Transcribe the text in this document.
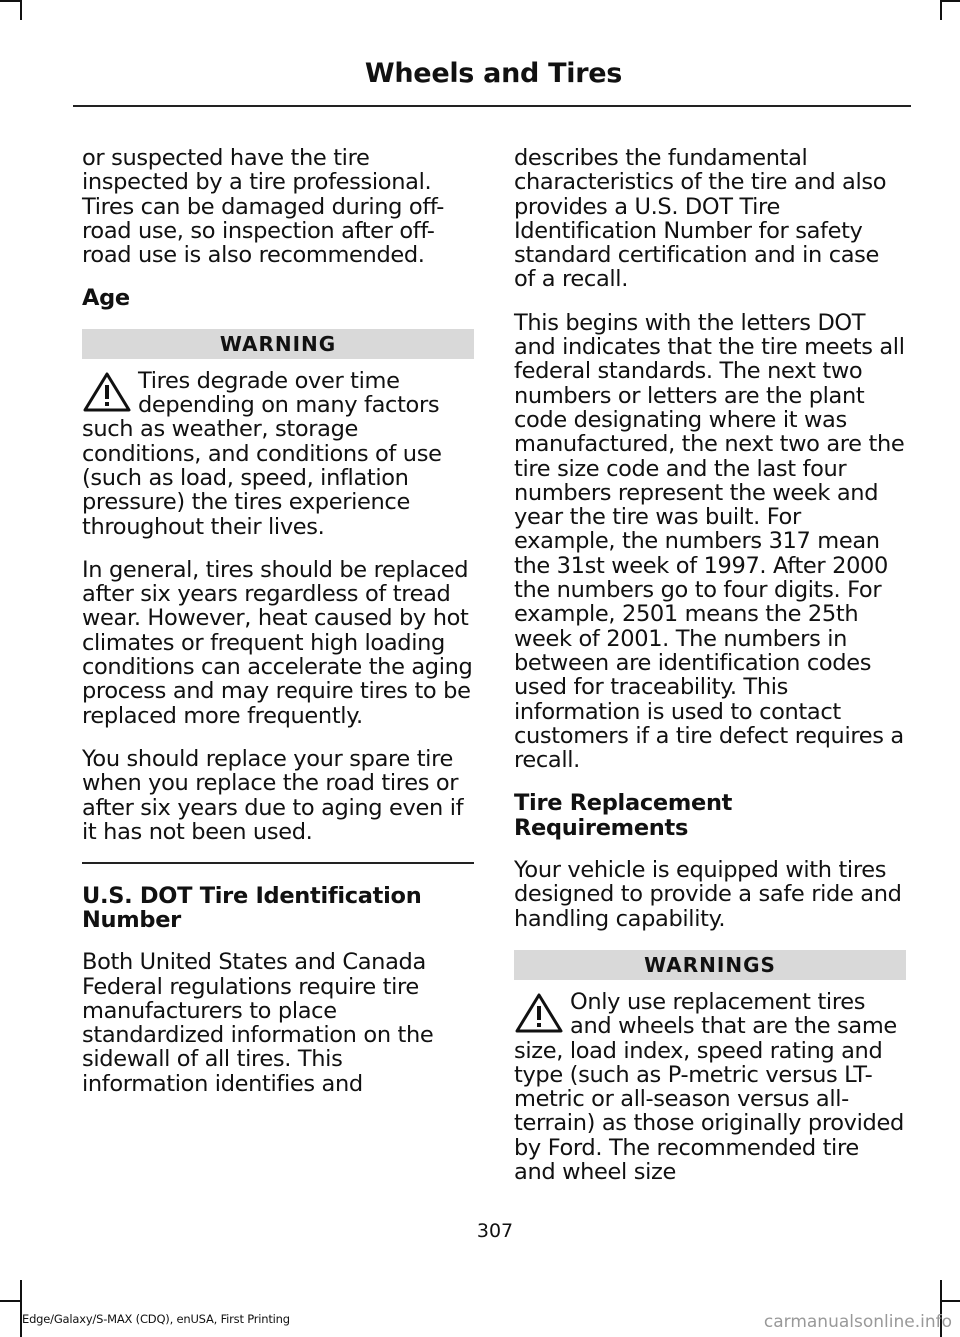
Wheels and Tires

or suspected have the tire inspected by a tire professional. Tires can be damaged during off-road use, so inspection after off-road use is also recommended.

Age
WARNING

Tires degrade over time depending on many factors such as weather, storage conditions, and conditions of use (such as load, speed, inflation pressure) the tires experience throughout their lives.

In general, tires should be replaced after six years regardless of tread wear. However, heat caused by hot climates or frequent high loading conditions can accelerate the aging process and may require tires to be replaced more frequently.

You should replace your spare tire when you replace the road tires or after six years due to aging even if it has not been used.

U.S. DOT Tire Identification Number

Both United States and Canada Federal regulations require tire manufacturers to place standardized information on the sidewall of all tires. This information identifies and

describes the fundamental characteristics of the tire and also provides a U.S. DOT Tire Identification Number for safety standard certification and in case of a recall.

This begins with the letters DOT and indicates that the tire meets all federal standards. The next two numbers or letters are the plant code designating where it was manufactured, the next two are the tire size code and the last four numbers represent the week and year the tire was built. For example, the numbers 317 mean the 31st week of 1997. After 2000 the numbers go to four digits. For example, 2501 means the 25th week of 2001. The numbers in between are identification codes used for traceability. This information is used to contact customers if a tire defect requires a recall.

Tire Replacement Requirements

Your vehicle is equipped with tires designed to provide a safe ride and handling capability.

WARNINGS

Only use replacement tires and wheels that are the same size, load index, speed rating and type (such as P-metric versus LT-metric or all-season versus all-terrain) as those originally provided by Ford. The recommended tire and wheel size

307
Edge/Galaxy/S-MAX (CDQ), enUSA, First Printing	carmanualsonline.info
